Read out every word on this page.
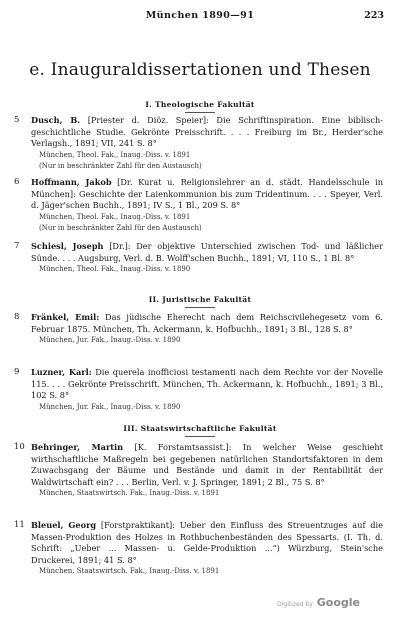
München 1890—91	223
e. Inauguraldissertationen und Thesen
I. Theologische Fakultät
5 Dusch, B. [Priester d. Diöz. Speier]: Die Schriftinspiration. Eine biblisch-geschichtliche Studie. Gekrönte Preisschrift. . . . Freiburg im Br., Herder'sche Verlagsh., 1891; VII, 241 S. 8°

München, Theol. Fak., Inaug.-Diss. v. 1891

(Nur in beschränkter Zahl für den Austausch)

6 Hoffmann, Jakob [Dr. Kurat u. Religionslehrer an d. städt. Handelsschule in München]: Geschichte der Laienkommunion bis zum Tridentinum. . . . Speyer, Verl. d. Jäger'schen Buchh., 1891; IV S., 1 Bl., 209 S. 8°

München, Theol. Fak., Inaug.-Diss. v. 1891

(Nur in beschränkter Zahl für den Austausch)

7 Schiesl, Joseph [Dr.]: Der objektive Unterschied zwischen Tod- und läßlicher Sünde. . . . Augsburg, Verl. d. B. Wolff'schen Buchh., 1891; VI, 110 S., 1 Bl. 8°

München, Theol. Fak., Inaug.-Diss. v. 1890

II. Juristische Fakultät
8 Fränkel, Emil: Das jüdische Eherecht nach dem Reichscivilehegesetz vom 6. Februar 1875. München, Th. Ackermann, k. Hofbuchh., 1891; 3 Bl., 128 S. 8°

München, Jur. Fak., Inaug.-Diss. v. 1890

9 Luzner, Karl: Die querela inofficiosi testamenti nach dem Rechte vor der Novelle 115. . . . Gekrönte Preisschrift. München, Th. Ackermann, k. Hofbuchh., 1891; 3 Bl., 102 S. 8°

München, Jur. Fak., Inaug.-Diss. v. 1890

III. Staatswirtschaftliche Fakultät
10 Behringer, Martin [K. Forstamtsassist.]: In welcher Weise geschieht wirthschaftliche Maßregeln bei gegebenen natürlichen Standortsfaktoren in dem Zuwachsgang der Bäume und Bestände und damit in der Rentabilität der Waldwirtschaft ein? . . . Berlin, Verl. v. J. Springer, 1891; 2 Bl., 75 S. 8°

München, Staatswirtsch. Fak., Inaug.-Diss. v. 1891

11 Bleuel, Georg [Forstpraktikant]: Ueber den Einfluss des Streuentzuges auf die Massen-Produktion des Holzes in Rothbuchenbeständen des Spessarts. (I. Th. d. Schrift: „Ueber ... Massen- u. Gelde-Produktion ...“) Würzburg, Stein'sche Druckerei, 1891; 41 S. 8°

München, Staatswirtsch. Fak., Inaug.-Diss. v. 1891

Digitized by Google
